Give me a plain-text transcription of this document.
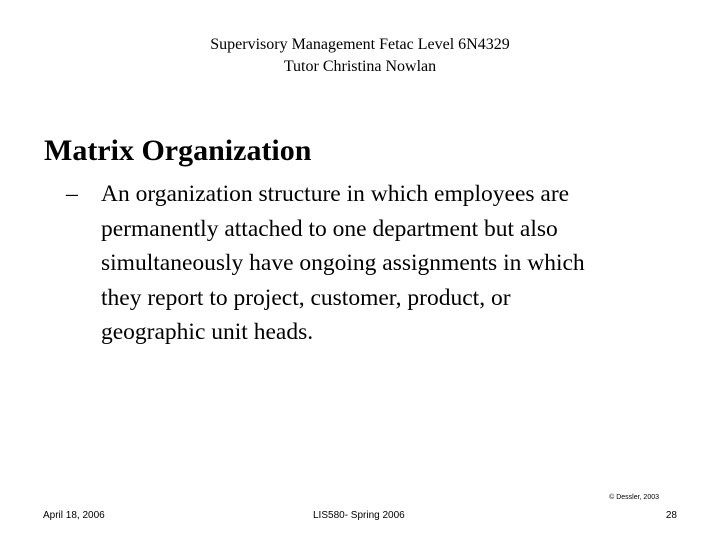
Supervisory Management Fetac Level 6N4329
Tutor Christina Nowlan
Matrix Organization
– An organization structure in which employees are
permanently attached to one department but also
simultaneously have ongoing assignments in which
they report to project, customer, product, or
geographic unit heads.
© Dessler, 2003
April 18, 2006	LIS580- Spring 2006	28
